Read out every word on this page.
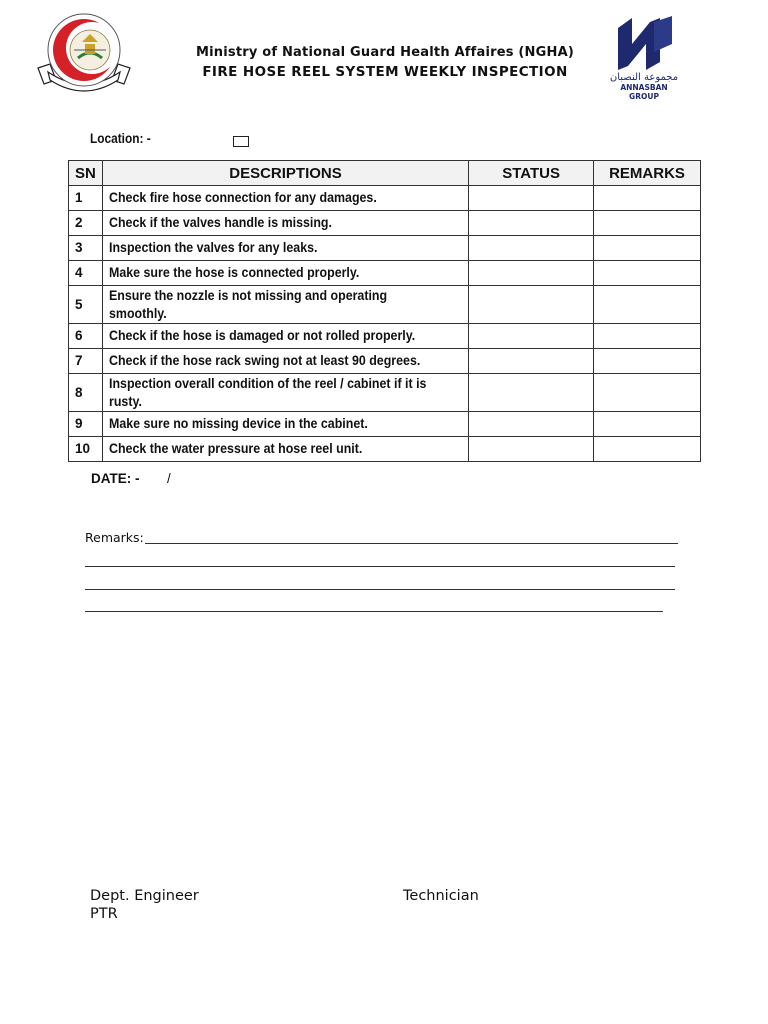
Ministry of National Guard Health Affaires (NGHA)
FIRE HOSE REEL SYSTEM WEEKLY INSPECTION	مجموعة النصبان
ANNASBAN GROUP
Location: -
SN	DESCRIPTIONS	STATUS	REMARKS
1	Check fire hose connection for any damages.		
2	Check if the valves handle is missing.		
3	Inspection the valves for any leaks.		
4	Make sure the hose is connected properly.		
5	Ensure the nozzle is not missing and operating smoothly.		
6	Check if the hose is damaged or not rolled properly.		
7	Check if the hose rack swing not at least 90 degrees.		
8	Inspection overall condition of the reel / cabinet if it is rusty.		
9	Make sure no missing device in the cabinet.		
10	Check the water pressure at hose reel unit.		
DATE: - /
Remarks:
Dept. Engineer
PTR
Technician
